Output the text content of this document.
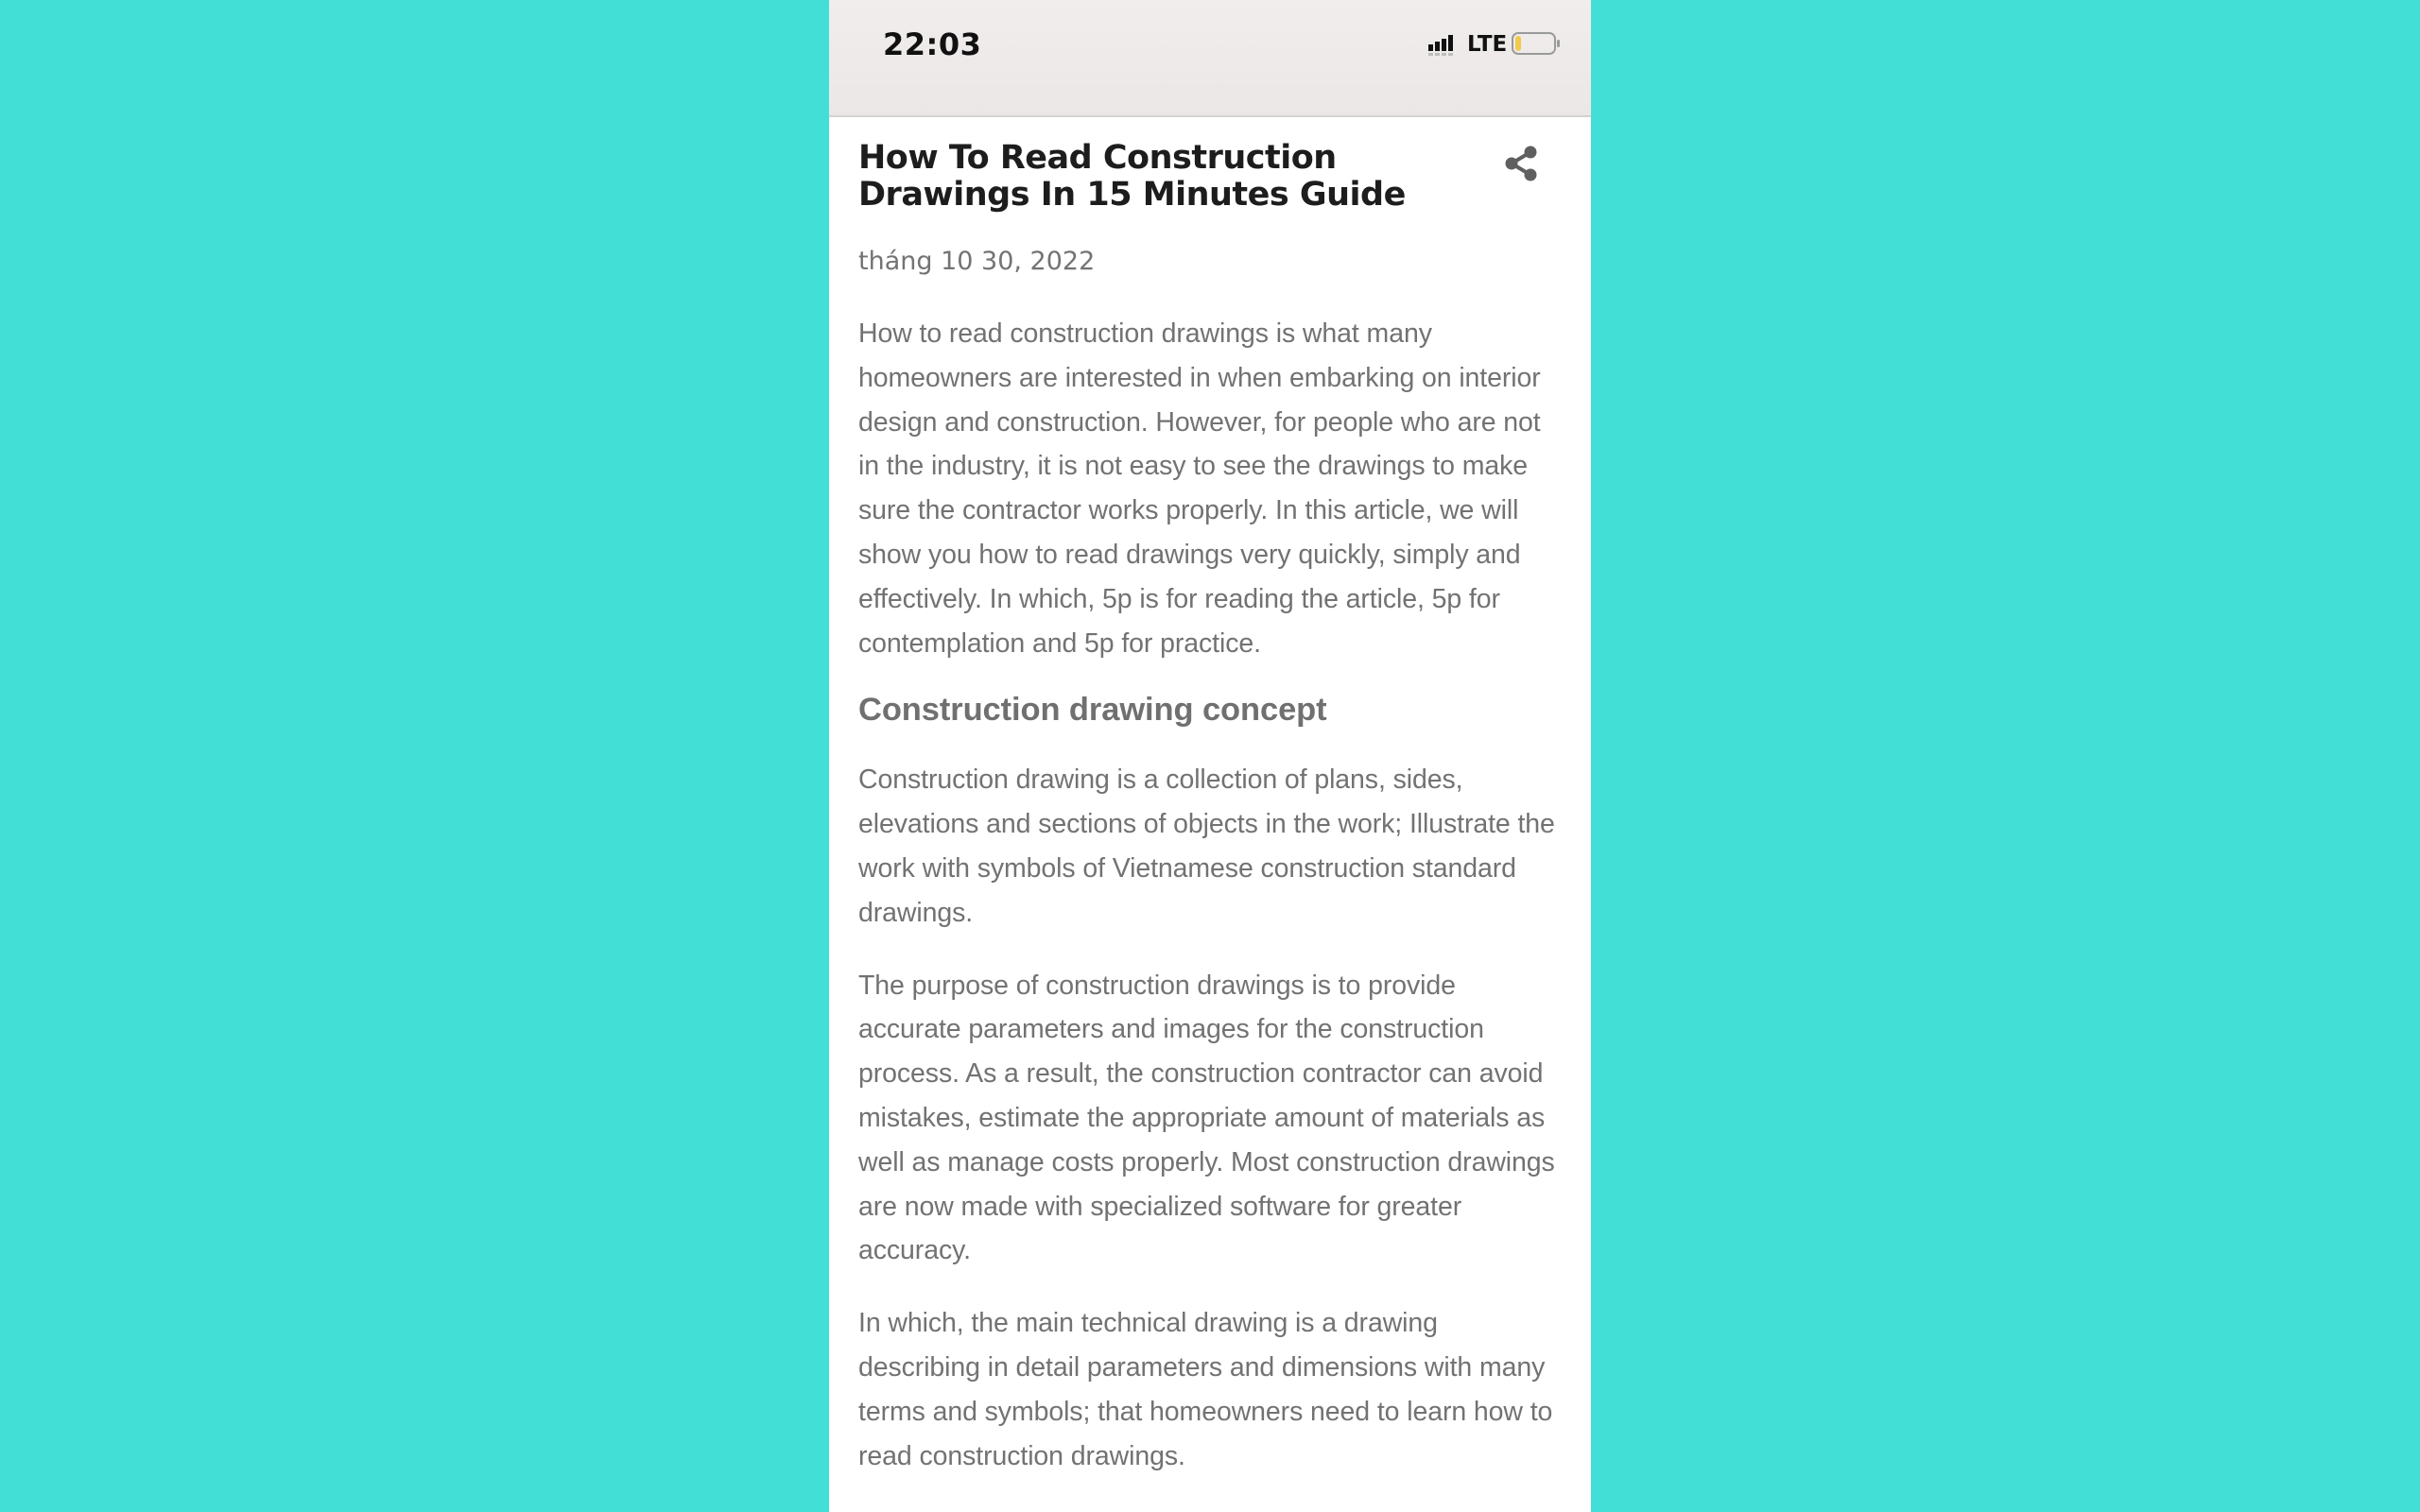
22:03	LTE
How To Read Construction Drawings In 15 Minutes Guide
tháng 10 30, 2022

How to read construction drawings is what many homeowners are interested in when embarking on interior design and construction. However, for people who are not in the industry, it is not easy to see the drawings to make sure the contractor works properly. In this article, we will show you how to read drawings very quickly, simply and effectively. In which, 5p is for reading the article, 5p for contemplation and 5p for practice.

Construction drawing concept

Construction drawing is a collection of plans, sides, elevations and sections of objects in the work; Illustrate the work with symbols of Vietnamese construction standard drawings.

The purpose of construction drawings is to provide accurate parameters and images for the construction process. As a result, the construction contractor can avoid mistakes, estimate the appropriate amount of materials as well as manage costs properly. Most construction drawings are now made with specialized software for greater accuracy.

In which, the main technical drawing is a drawing describing in detail parameters and dimensions with many terms and symbols; that homeowners need to learn how to read construction drawings.
